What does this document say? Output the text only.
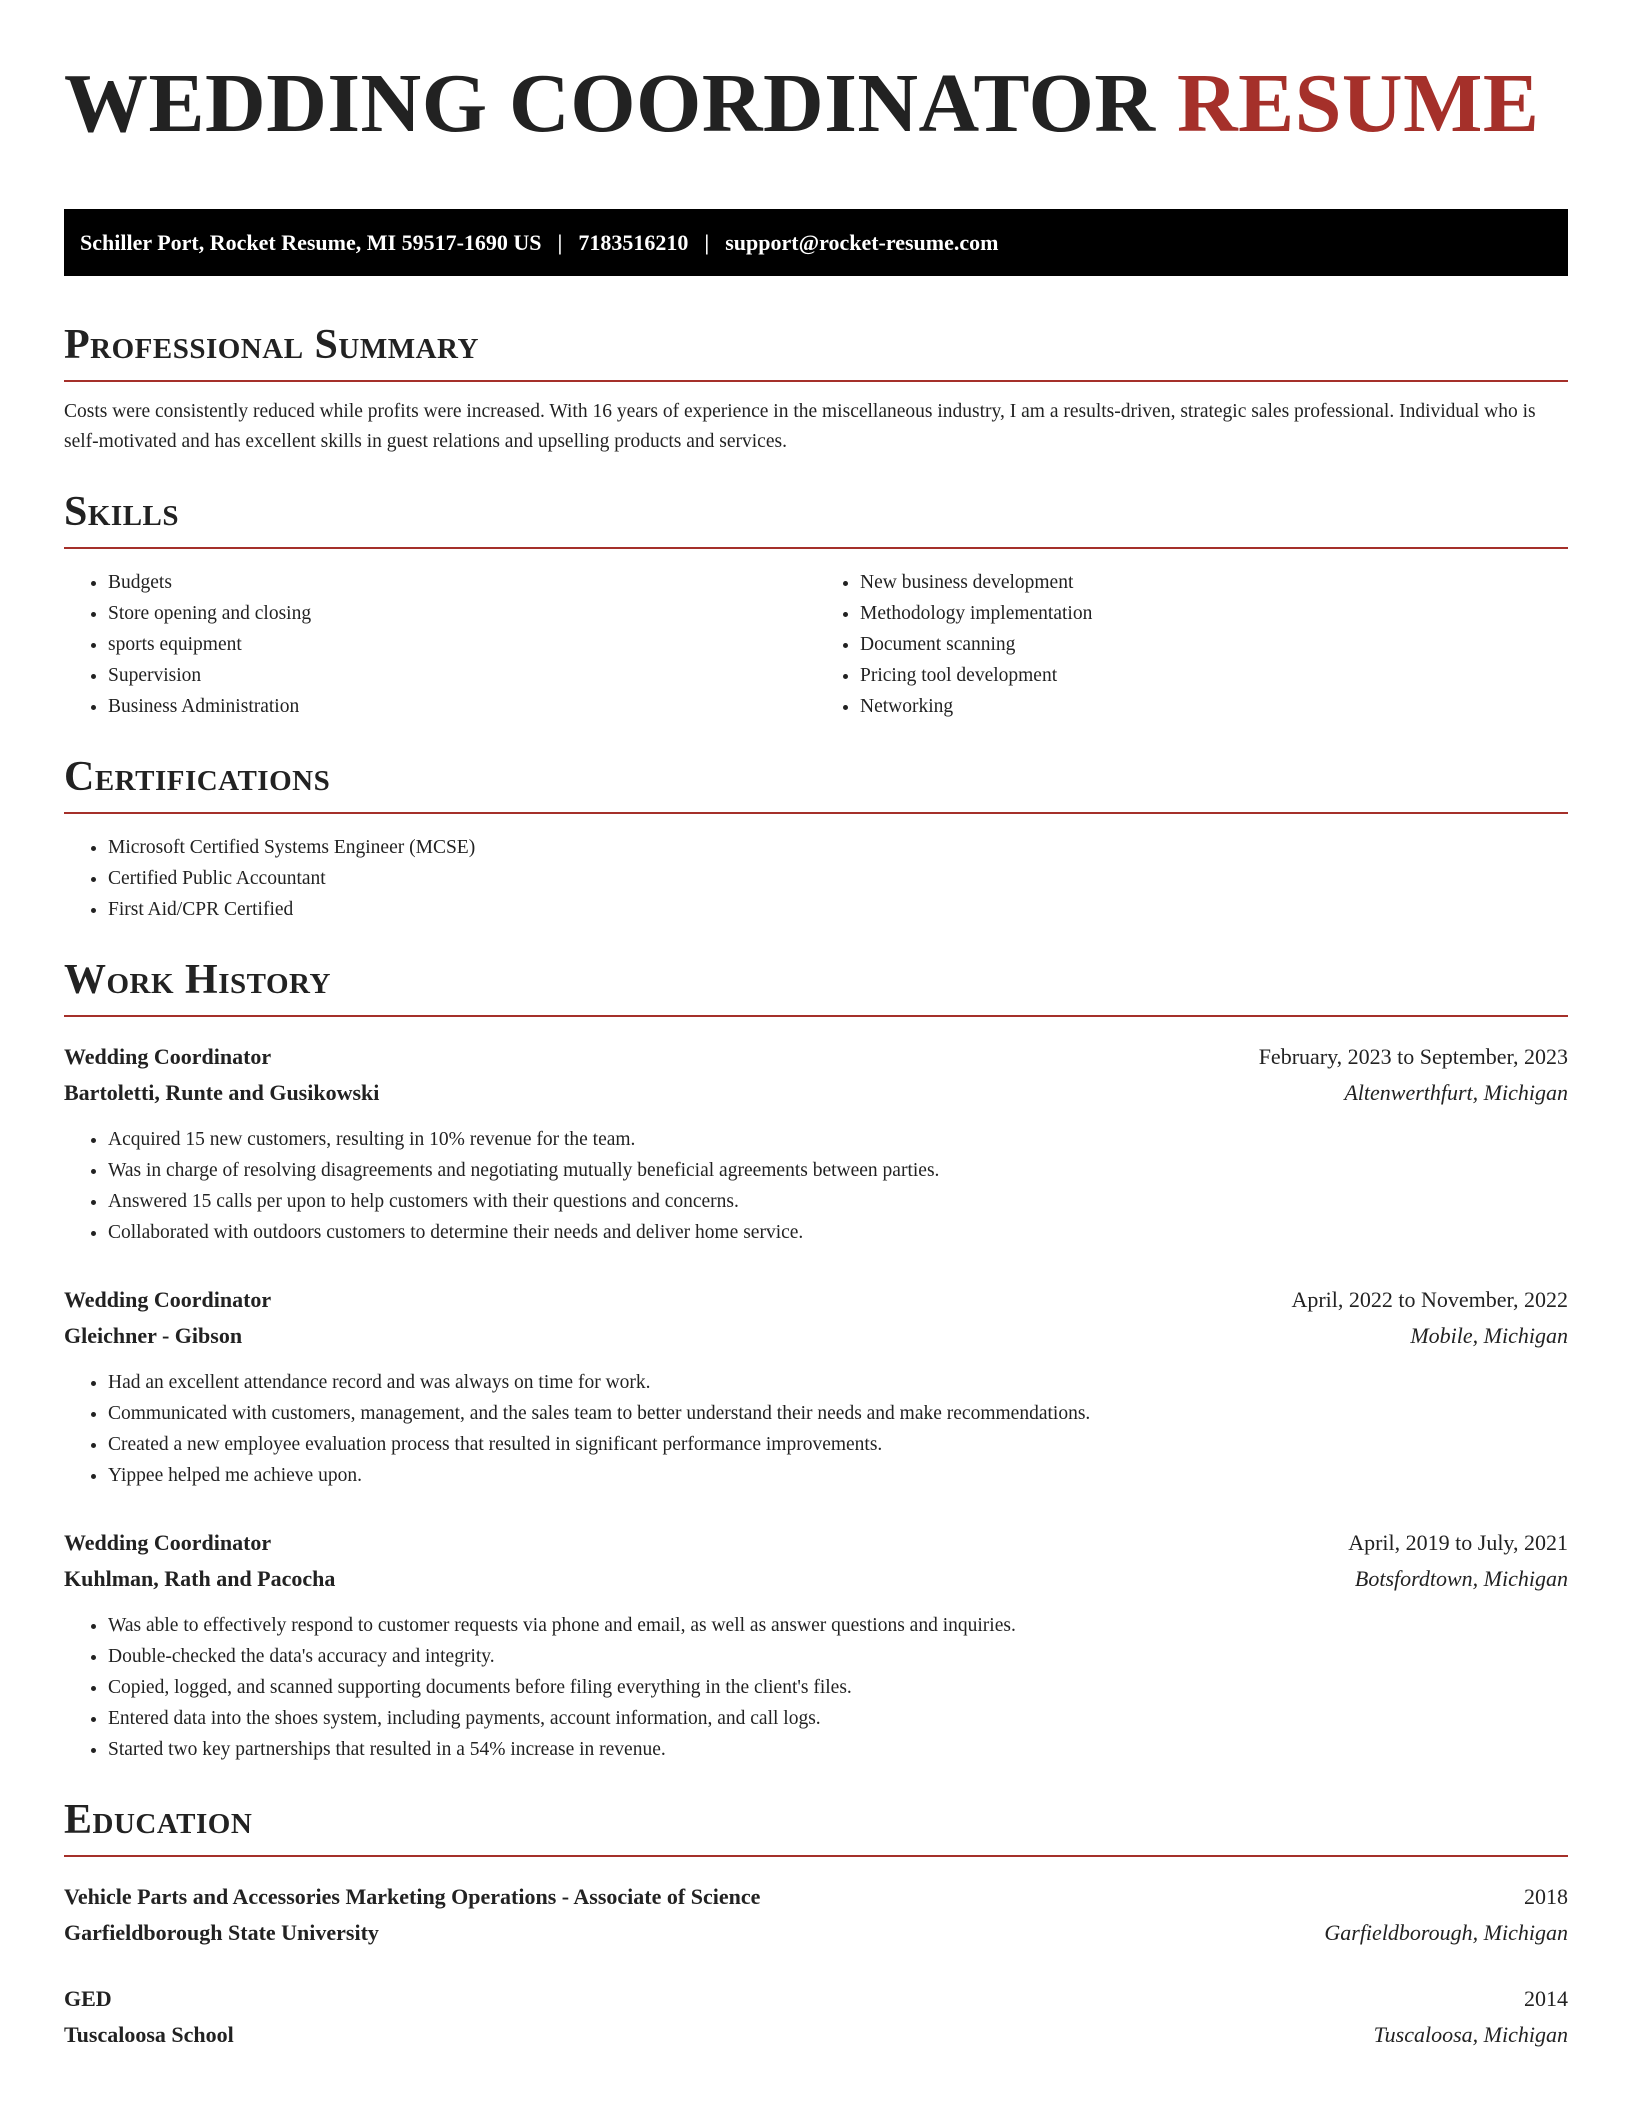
WEDDING COORDINATOR RESUME
Schiller Port, Rocket Resume, MI 59517-1690 US | 7183516210 | support@rocket-resume.com
Professional Summary

Costs were consistently reduced while profits were increased. With 16 years of experience in the miscellaneous industry, I am a results-driven, strategic sales professional. Individual who is self-motivated and has excellent skills in guest relations and upselling products and services.

Skills
• Budgets
• Store opening and closing
• sports equipment
• Supervision
• Business Administration
• New business development
• Methodology implementation
• Document scanning
• Pricing tool development
• Networking
Certifications
• Microsoft Certified Systems Engineer (MCSE)
• Certified Public Accountant
• First Aid/CPR Certified
Work History
Wedding Coordinator	February, 2023 to September, 2023
Bartoletti, Runte and Gusikowski	Altenwerthfurt, Michigan
• Acquired 15 new customers, resulting in 10% revenue for the team.
• Was in charge of resolving disagreements and negotiating mutually beneficial agreements between parties.
• Answered 15 calls per upon to help customers with their questions and concerns.
• Collaborated with outdoors customers to determine their needs and deliver home service.
Wedding Coordinator	April, 2022 to November, 2022
Gleichner - Gibson	Mobile, Michigan
• Had an excellent attendance record and was always on time for work.
• Communicated with customers, management, and the sales team to better understand their needs and make recommendations.
• Created a new employee evaluation process that resulted in significant performance improvements.
• Yippee helped me achieve upon.
Wedding Coordinator	April, 2019 to July, 2021
Kuhlman, Rath and Pacocha	Botsfordtown, Michigan
• Was able to effectively respond to customer requests via phone and email, as well as answer questions and inquiries.
• Double-checked the data's accuracy and integrity.
• Copied, logged, and scanned supporting documents before filing everything in the client's files.
• Entered data into the shoes system, including payments, account information, and call logs.
• Started two key partnerships that resulted in a 54% increase in revenue.
Education
Vehicle Parts and Accessories Marketing Operations - Associate of Science	2018
Garfieldborough State University	Garfieldborough, Michigan
GED	2014
Tuscaloosa School	Tuscaloosa, Michigan
